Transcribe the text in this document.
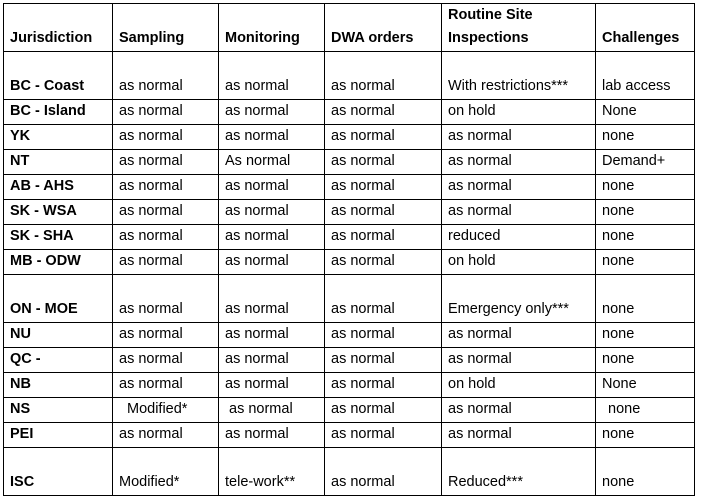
Jurisdiction	Sampling	Monitoring	DWA orders	Routine Site Inspections	Challenges
BC - Coast	as normal	as normal	as normal	With restrictions***	lab access
BC - Island	as normal	as normal	as normal	on hold	None
YK	as normal	as normal	as normal	as normal	none
NT	as normal	As normal	as normal	as normal	Demand+
AB - AHS	as normal	as normal	as normal	as normal	none
SK - WSA	as normal	as normal	as normal	as normal	none
SK - SHA	as normal	as normal	as normal	reduced	none
MB - ODW	as normal	as normal	as normal	on hold	none
ON - MOE	as normal	as normal	as normal	Emergency only***	none
NU	as normal	as normal	as normal	as normal	none
QC -	as normal	as normal	as normal	as normal	none
NB	as normal	as normal	as normal	on hold	None
NS	Modified*	as normal	as normal	as normal	none
PEI	as normal	as normal	as normal	as normal	none
ISC	Modified*	tele-work**	as normal	Reduced***	none
